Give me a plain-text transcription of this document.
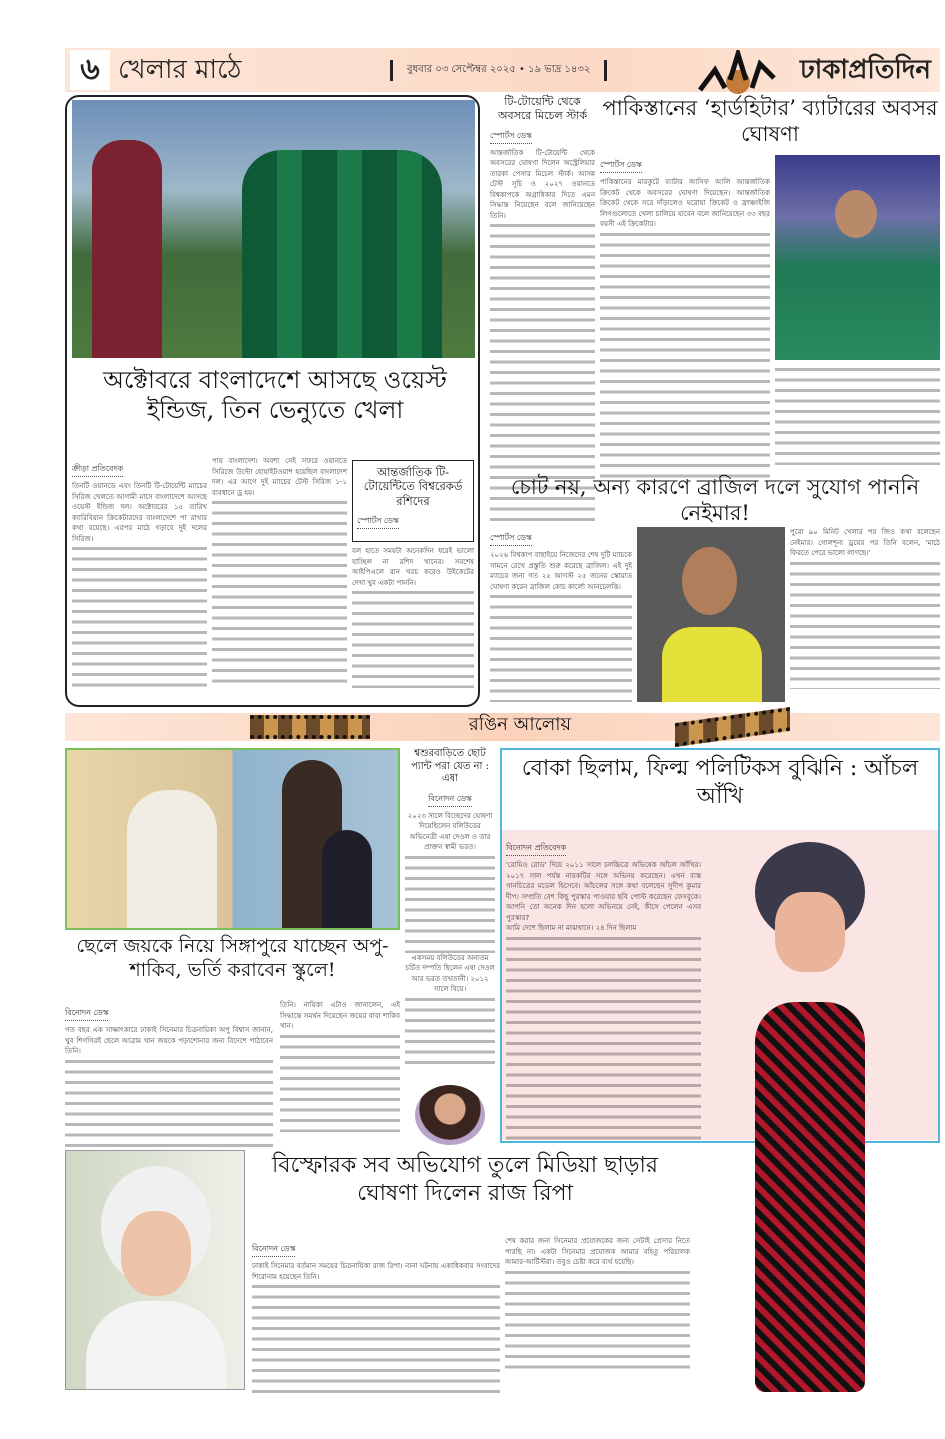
৬ খেলার মাঠে	বুধবার ০৩ সেপ্টেম্বর ২০২৫ • ১৯ ভাদ্র ১৪৩২	ঢাকাপ্রতিদিন
অক্টোবরে বাংলাদেশে আসছে ওয়েস্ট ইন্ডিজ, তিন ভেন্যুতে খেলা
ক্রীড়া প্রতিবেদক
তিনটি ওয়ানডে এবং তিনটি টি-টোয়েন্টি ম্যাচের সিরিজ খেলতে আগামী মাসে বাংলাদেশে আসছে ওয়েস্ট ইন্ডিজ দল। অক্টোবরের ১৫ তারিখ ক্যারিবিয়ান ক্রিকেটারদের বাংলাদেশে পা রাখার কথা রয়েছে। এরপর মাঠে গড়াবে দুই দলের সিরিজ।
পায় বাংলাদেশ। অবশ্য সেই সফরে ওয়ানডে সিরিজে উল্টো হোয়াইটওয়াশ হয়েছিল বাংলাদেশ দল। এর আগে দুই ম্যাচের টেস্ট সিরিজ ১-১ ব্যবধানে ড্র হয়।
আন্তর্জাতিক টি-টোয়েন্টিতে বিশ্বরেকর্ড রশিদের
স্পোর্টস ডেস্ক
বল হাতে সময়টা অনেকদিন ধরেই ভালো যাচ্ছিল না রশিদ খানের। সবশেষ আইপিএলে রান খরচ করেও উইকেটের দেখা খুব একটা পাননি।
টি-টোয়েন্টি থেকে অবসরে মিচেল স্টার্ক
স্পোর্টস ডেস্ক
আন্তর্জাতিক টি-টোয়েন্টি থেকে অবসরের ঘোষণা দিলেন অস্ট্রেলিয়ার তারকা পেসার মিচেল স্টার্ক। আসন্ন টেস্ট সূচি ও ২০২৭ ওয়ানডে বিশ্বকাপকে অগ্রাধিকার দিতে এমন সিদ্ধান্ত নিয়েছেন বলে জানিয়েছেন তিনি।
পাকিস্তানের ‘হার্ডহিটার’ ব্যাটারের অবসর ঘোষণা
স্পোর্টস ডেস্ক
পাকিস্তানের মারকুটে ব্যাটার আসিফ আলি আন্তর্জাতিক ক্রিকেট থেকে অবসরের ঘোষণা দিয়েছেন। আন্তর্জাতিক ক্রিকেট থেকে সরে দাঁড়ালেও ঘরোয়া ক্রিকেট ও ফ্রাঞ্চাইজি লিগগুলোতে খেলা চালিয়ে যাবেন বলে জানিয়েছেন ৩৩ বছর বয়সী এই ক্রিকেটার।
চোট নয়, অন্য কারণে ব্রাজিল দলে সুযোগ পাননি নেইমার!
স্পোর্টস ডেস্ক
২০২৬ বিশ্বকাপ বাছাইয়ে নিজেদের শেষ দুটি ম্যাচকে সামনে রেখে প্রস্তুতি শুরু করেছে ব্রাজিল। এই দুই ম্যাচের জন্য গত ২৫ আগস্ট ২৫ জনের স্কোয়াড ঘোষণা করেন ব্রাজিল কোচ কার্লো আনচেলত্তি।
পুরো ৯০ মিনিট খেলার পর জিও কথা বলেছেন নেইমার। গোলশূন্য ড্রয়ের পর তিনি বলেন, 'মাঠে ফিরতে পেরে ভালো লাগছে।'
রঙিন আলোয়
ছেলে জয়কে নিয়ে সিঙ্গাপুরে যাচ্ছেন অপু-শাকিব, ভর্তি করাবেন স্কুলে!
বিনোদন ডেস্ক
গত বছর এক সাক্ষাৎকারে ঢাকাই সিনেমার চিত্রনায়িকা অপু বিশ্বাস জানান, খুব শিগগিরই ছেলে আব্রাম খান জয়কে পড়াশোনার জন্য বিদেশে পাঠাবেন তিনি।
তিনি। নায়িকা এটাও জানালেন, এই সিদ্ধান্তে সমর্থন দিয়েছেন জয়ের বাবা শাকিব খান।
শ্বশুরবাড়িতে ছোট প্যান্ট পরা যেত না : এষা
বিনোদন ডেস্ক
২০২৩ সালে বিচ্ছেদের ঘোষণা দিয়েছিলেন বলিউডের অভিনেত্রী এষা দেওল ও তার প্রাক্তন স্বামী ভরত।
একসময় বলিউডের অন্যতম চর্চিত দম্পতি ছিলেন এষা দেওল আর ভরত তখতানী। ২০১২ সালে বিয়ে।
বোকা ছিলাম, ফিল্ম পলিটিকস বুঝিনি : আঁচল আঁখি
বিনোদন প্রতিবেদক
'রোমিও রোড' দিয়ে ২০১১ সালে চলচ্চিত্রে অভিষেক আঁচল আঁখির। ২০১৭ সাল পর্যন্ত নায়কটির সঙ্গে অভিনয় করেছেন। এখন ব্যস্ত গানচিত্রের মডেল হিসেবে। আঁচলের সঙ্গে কথা বলেছেন সুদীপ কুমার দীপ। সম্প্রতি বেশ কিছু পুরস্কার পাওয়ার ছবি পোস্ট করেছেন ফেসবুকে। আপনি তো অনেক দিন হলো অভিনয়ে নেই, কীসে পেলেন এসব পুরস্কার?
আমি দেশে ছিলাম না মাঝখানে। ২৪ দিন ছিলাম
বিস্ফোরক সব অভিযোগ তুলে মিডিয়া ছাড়ার ঘোষণা দিলেন রাজ রিপা
বিনোদন ডেস্ক
ঢাকাই সিনেমার বর্তমান সময়ের চিত্রনায়িকা রাজ রিপা। নানা ঘটনায় একাধিকবার সংবাদের শিরোনাম হয়েছেন তিনি।
শেষ করার জন্য সিনেমার প্রযোজকের জন্য সেটাই প্রেসার নিতে পারছি না। একটা সিনেমার প্রযোজক আমার বহিতু পরিচালক আমার-আর্টিস্টরা। তবুও চেষ্টা করে ব্যর্থ হয়েছি।
